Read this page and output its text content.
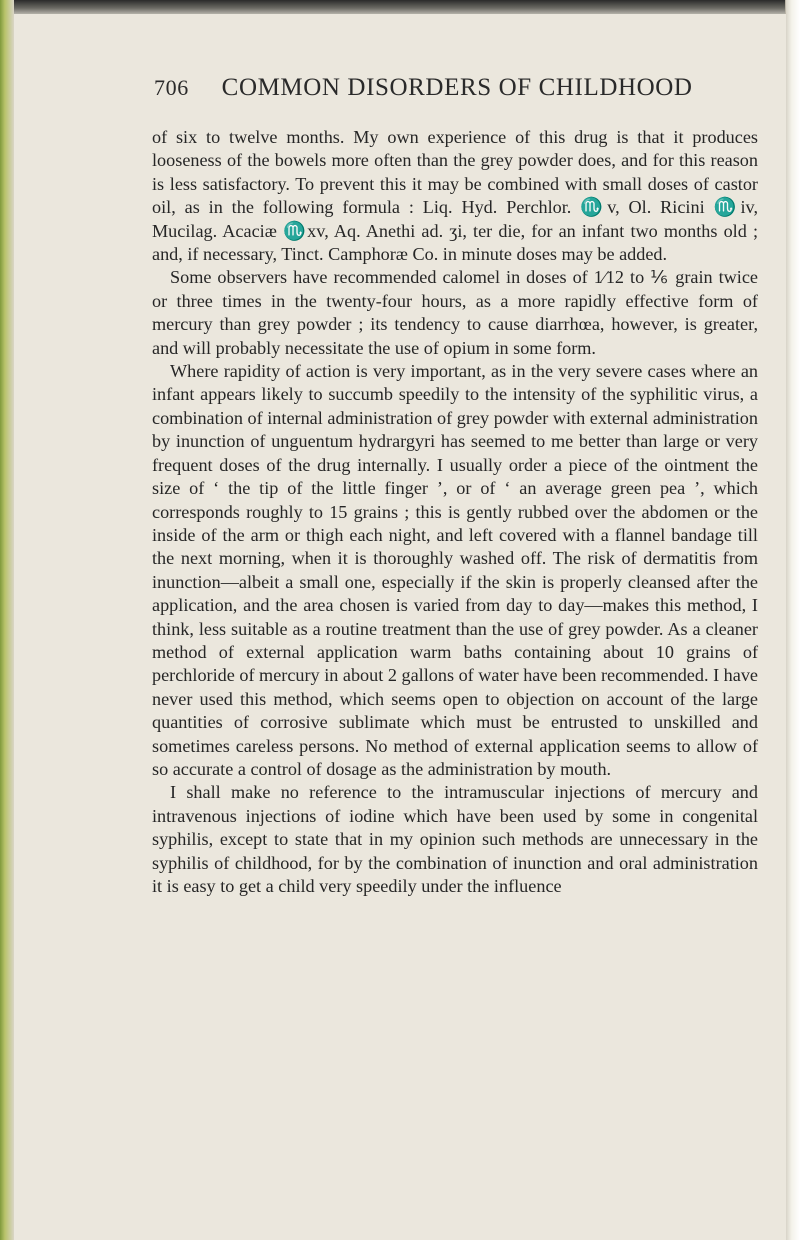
706 COMMON DISORDERS OF CHILDHOOD

of six to twelve months. My own experience of this drug is that it produces looseness of the bowels more often than the grey powder does, and for this reason is less satisfactory. To prevent this it may be combined with small doses of castor oil, as in the following formula : Liq. Hyd. Perchlor. ♏v, Ol. Ricini ♏iv, Mucilag. Acaciæ ♏xv, Aq. Anethi ad. ʒi, ter die, for an infant two months old ; and, if necessary, Tinct. Camphoræ Co. in minute doses may be added.

Some observers have recommended calomel in doses of 1⁄12 to ⅙ grain twice or three times in the twenty-four hours, as a more rapidly effective form of mercury than grey powder ; its tendency to cause diarrhœa, however, is greater, and will probably necessitate the use of opium in some form.

Where rapidity of action is very important, as in the very severe cases where an infant appears likely to succumb speedily to the intensity of the syphilitic virus, a combination of internal administration of grey powder with external administration by inunction of unguentum hydrargyri has seemed to me better than large or very frequent doses of the drug internally. I usually order a piece of the ointment the size of ‘ the tip of the little finger ’, or of ‘ an average green pea ’, which corresponds roughly to 15 grains ; this is gently rubbed over the abdomen or the inside of the arm or thigh each night, and left covered with a flannel bandage till the next morning, when it is thoroughly washed off. The risk of dermatitis from inunction—albeit a small one, especially if the skin is properly cleansed after the application, and the area chosen is varied from day to day—makes this method, I think, less suitable as a routine treatment than the use of grey powder. As a cleaner method of external application warm baths containing about 10 grains of perchloride of mercury in about 2 gallons of water have been recommended. I have never used this method, which seems open to objection on account of the large quantities of corrosive sublimate which must be entrusted to unskilled and sometimes careless persons. No method of external application seems to allow of so accurate a control of dosage as the administration by mouth.

I shall make no reference to the intramuscular injections of mercury and intravenous injections of iodine which have been used by some in congenital syphilis, except to state that in my opinion such methods are unnecessary in the syphilis of childhood, for by the combination of inunction and oral administration it is easy to get a child very speedily under the influence
